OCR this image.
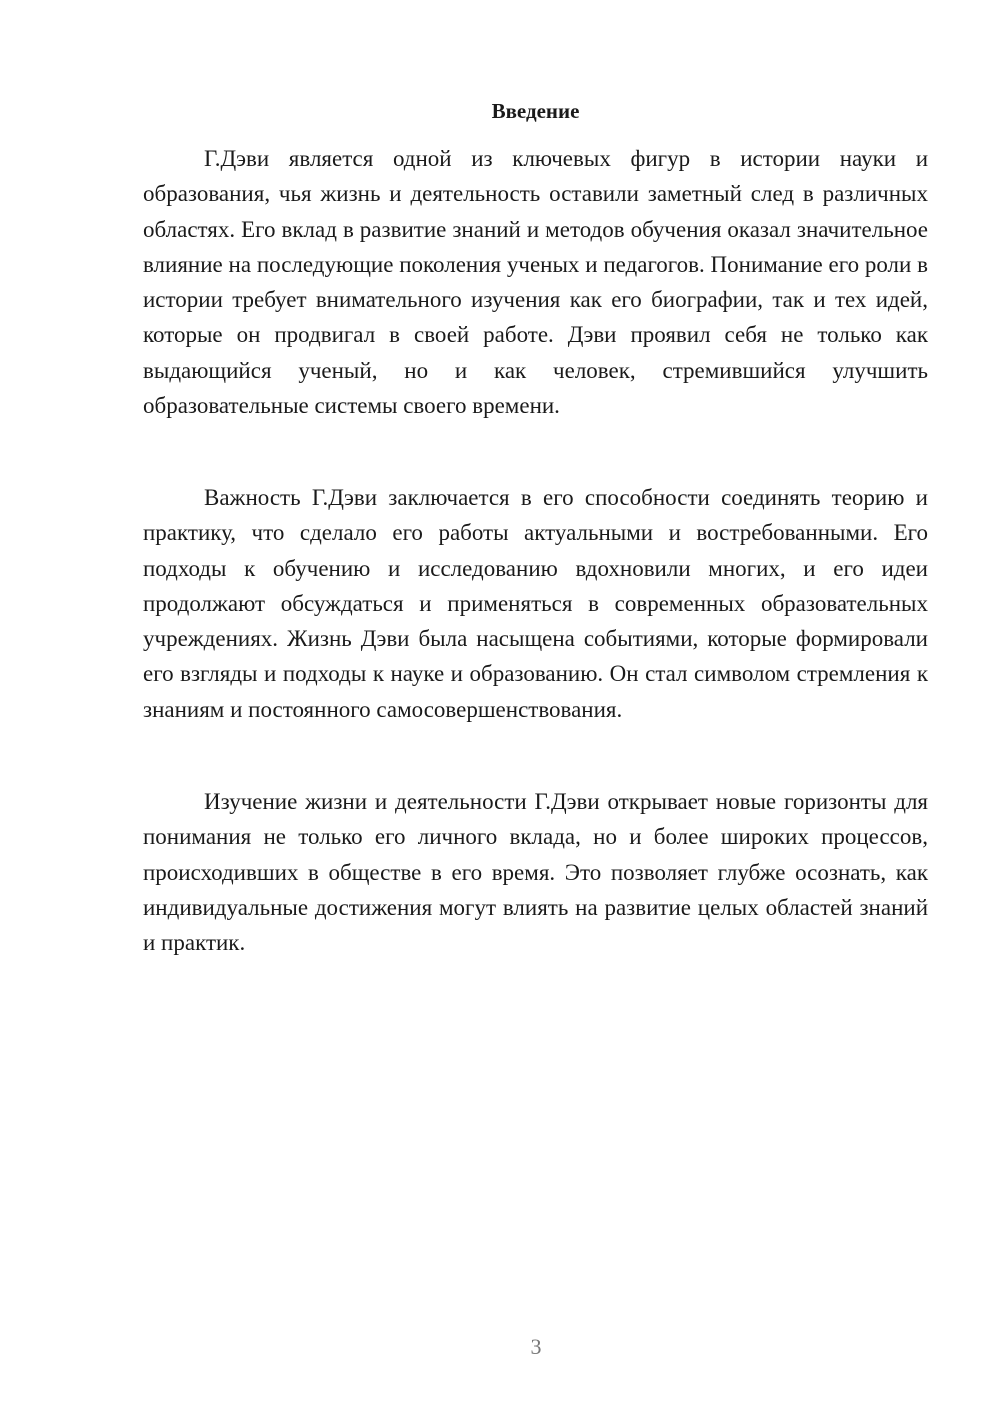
Введение

Г.Дэви является одной из ключевых фигур в истории науки и образования, чья жизнь и деятельность оставили заметный след в различных областях. Его вклад в развитие знаний и методов обучения оказал значительное влияние на последующие поколения ученых и педагогов. Понимание его роли в истории требует внимательного изучения как его биографии, так и тех идей, которые он продвигал в своей работе. Дэви проявил себя не только как выдающийся ученый, но и как человек, стремившийся улучшить образовательные системы своего времени.

Важность Г.Дэви заключается в его способности соединять теорию и практику, что сделало его работы актуальными и востребованными. Его подходы к обучению и исследованию вдохновили многих, и его идеи продолжают обсуждаться и применяться в современных образовательных учреждениях. Жизнь Дэви была насыщена событиями, которые формировали его взгляды и подходы к науке и образованию. Он стал символом стремления к знаниям и постоянного самосовершенствования.

Изучение жизни и деятельности Г.Дэви открывает новые горизонты для понимания не только его личного вклада, но и более широких процессов, происходивших в обществе в его время. Это позволяет глубже осознать, как индивидуальные достижения могут влиять на развитие целых областей знаний и практик.

3
